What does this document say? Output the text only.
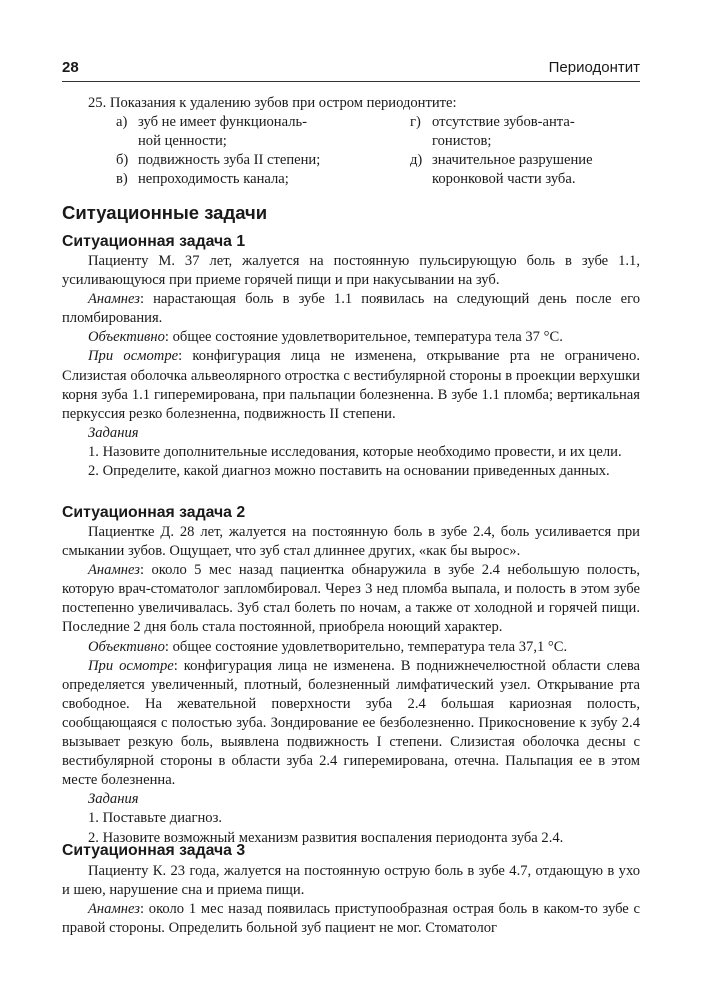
28	Периодонтит
25. Показания к удалению зубов при остром периодонтите:
а) зуб не имеет функциональ-
ной ценности;
б) подвижность зуба II степени;
в) непроходимость канала;
г) отсутствие зубов-анта-
гонистов;
д) значительное разрушение
коронковой части зуба.
Ситуационные задачи
Ситуационная задача 1

Пациенту М. 37 лет, жалуется на постоянную пульсирующую боль в зубе 1.1, усиливающуюся при приеме горячей пищи и при накусывании на зуб.

Анамнез: нарастающая боль в зубе 1.1 появилась на следующий день после его пломбирования.

Объективно: общее состояние удовлетворительное, температура тела 37 °С.

При осмотре: конфигурация лица не изменена, открывание рта не ограничено. Слизистая оболочка альвеолярного отростка с вестибулярной стороны в проекции верхушки корня зуба 1.1 гиперемирована, при пальпации болезненна. В зубе 1.1 пломба; вертикальная перкуссия резко болезненна, подвижность II степени.

Задания

1. Назовите дополнительные исследования, которые необходимо провести, и их цели.

2. Определите, какой диагноз можно поставить на основании приведенных данных.

Ситуационная задача 2

Пациентке Д. 28 лет, жалуется на постоянную боль в зубе 2.4, боль усиливается при смыкании зубов. Ощущает, что зуб стал длиннее других, «как бы вырос».

Анамнез: около 5 мес назад пациентка обнаружила в зубе 2.4 небольшую полость, которую врач-стоматолог запломбировал. Через 3 нед пломба выпала, и полость в этом зубе постепенно увеличивалась. Зуб стал болеть по ночам, а также от холодной и горячей пищи. Последние 2 дня боль стала постоянной, приобрела ноющий характер.

Объективно: общее состояние удовлетворительно, температура тела 37,1 °С.

При осмотре: конфигурация лица не изменена. В поднижнечелюстной области слева определяется увеличенный, плотный, болезненный лимфатический узел. Открывание рта свободное. На жевательной поверхности зуба 2.4 большая кариозная полость, сообщающаяся с полостью зуба. Зондирование ее безболезненно. Прикосновение к зубу 2.4 вызывает резкую боль, выявлена подвижность I степени. Слизистая оболочка десны с вестибулярной стороны в области зуба 2.4 гиперемирована, отечна. Пальпация ее в этом месте болезненна.

Задания

1. Поставьте диагноз.

2. Назовите возможный механизм развития воспаления периодонта зуба 2.4.

Ситуационная задача 3

Пациенту К. 23 года, жалуется на постоянную острую боль в зубе 4.7, отдающую в ухо и шею, нарушение сна и приема пищи.

Анамнез: около 1 мес назад появилась приступообразная острая боль в каком-то зубе с правой стороны. Определить больной зуб пациент не мог. Стоматолог
